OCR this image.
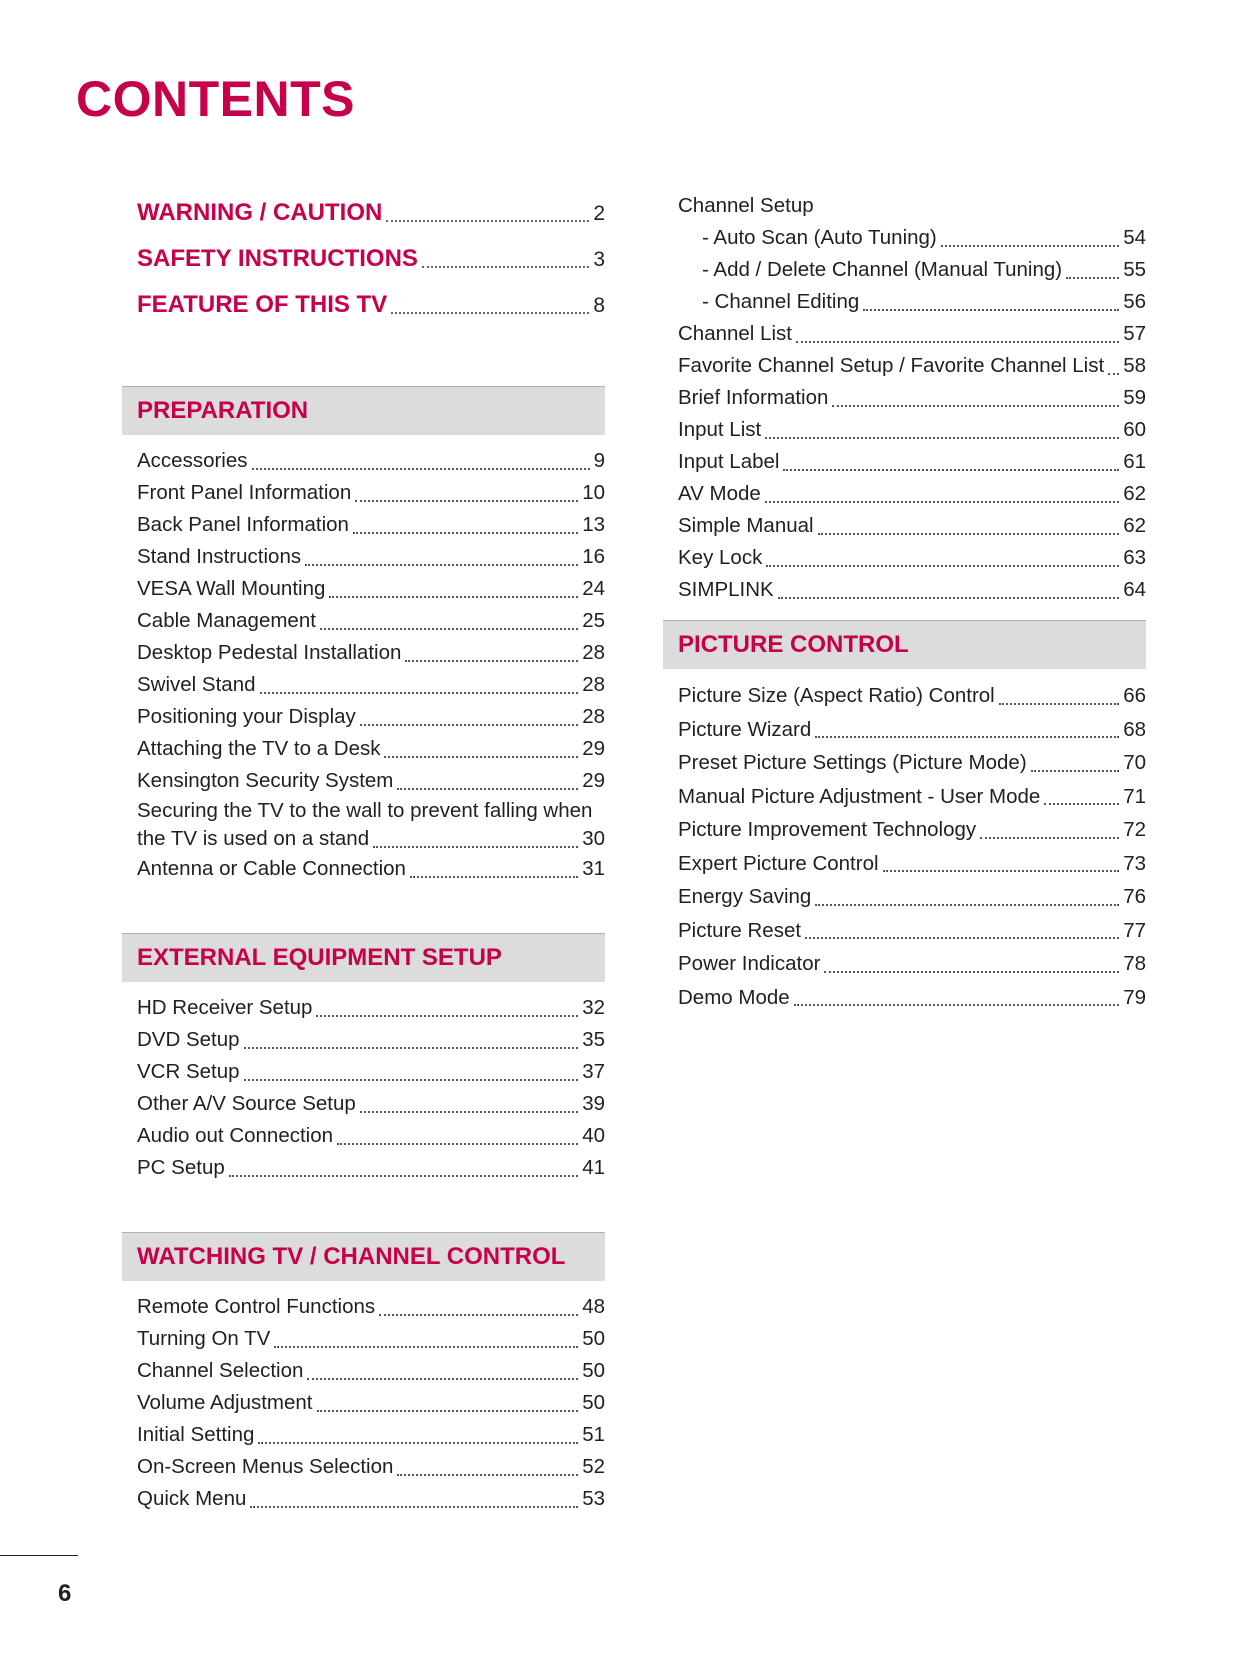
CONTENTS
WARNING / CAUTION	2
SAFETY INSTRUCTIONS	3
FEATURE OF THIS TV	8
PREPARATION
Accessories	9
Front Panel Information	10
Back Panel Information	13
Stand Instructions	16
VESA Wall Mounting	24
Cable Management	25
Desktop Pedestal Installation	28
Swivel Stand	28
Positioning your Display	28
Attaching the TV to a Desk	29
Kensington Security System	29
Securing the TV to the wall to prevent falling when
the TV is used on a stand	30
Antenna or Cable Connection	31
EXTERNAL EQUIPMENT SETUP
HD Receiver Setup	32
DVD Setup	35
VCR Setup	37
Other A/V Source Setup	39
Audio out Connection	40
PC Setup	41
WATCHING TV / CHANNEL CONTROL
Remote Control Functions	48
Turning On TV	50
Channel Selection	50
Volume Adjustment	50
Initial Setting	51
On-Screen Menus Selection	52
Quick Menu	53
Channel Setup
- Auto Scan (Auto Tuning)	54
- Add / Delete Channel (Manual Tuning)	55
- Channel Editing	56
Channel List	57
Favorite Channel Setup / Favorite Channel List 58
Brief Information	59
Input List	60
Input Label	61
AV Mode	62
Simple Manual	62
Key Lock	63
SIMPLINK	64
PICTURE CONTROL
Picture Size (Aspect Ratio) Control	66
Picture Wizard	68
Preset Picture Settings (Picture Mode)	70
Manual Picture Adjustment - User Mode	71
Picture Improvement Technology	72
Expert Picture Control	73
Energy Saving	76
Picture Reset	77
Power Indicator	78
Demo Mode	79
6
